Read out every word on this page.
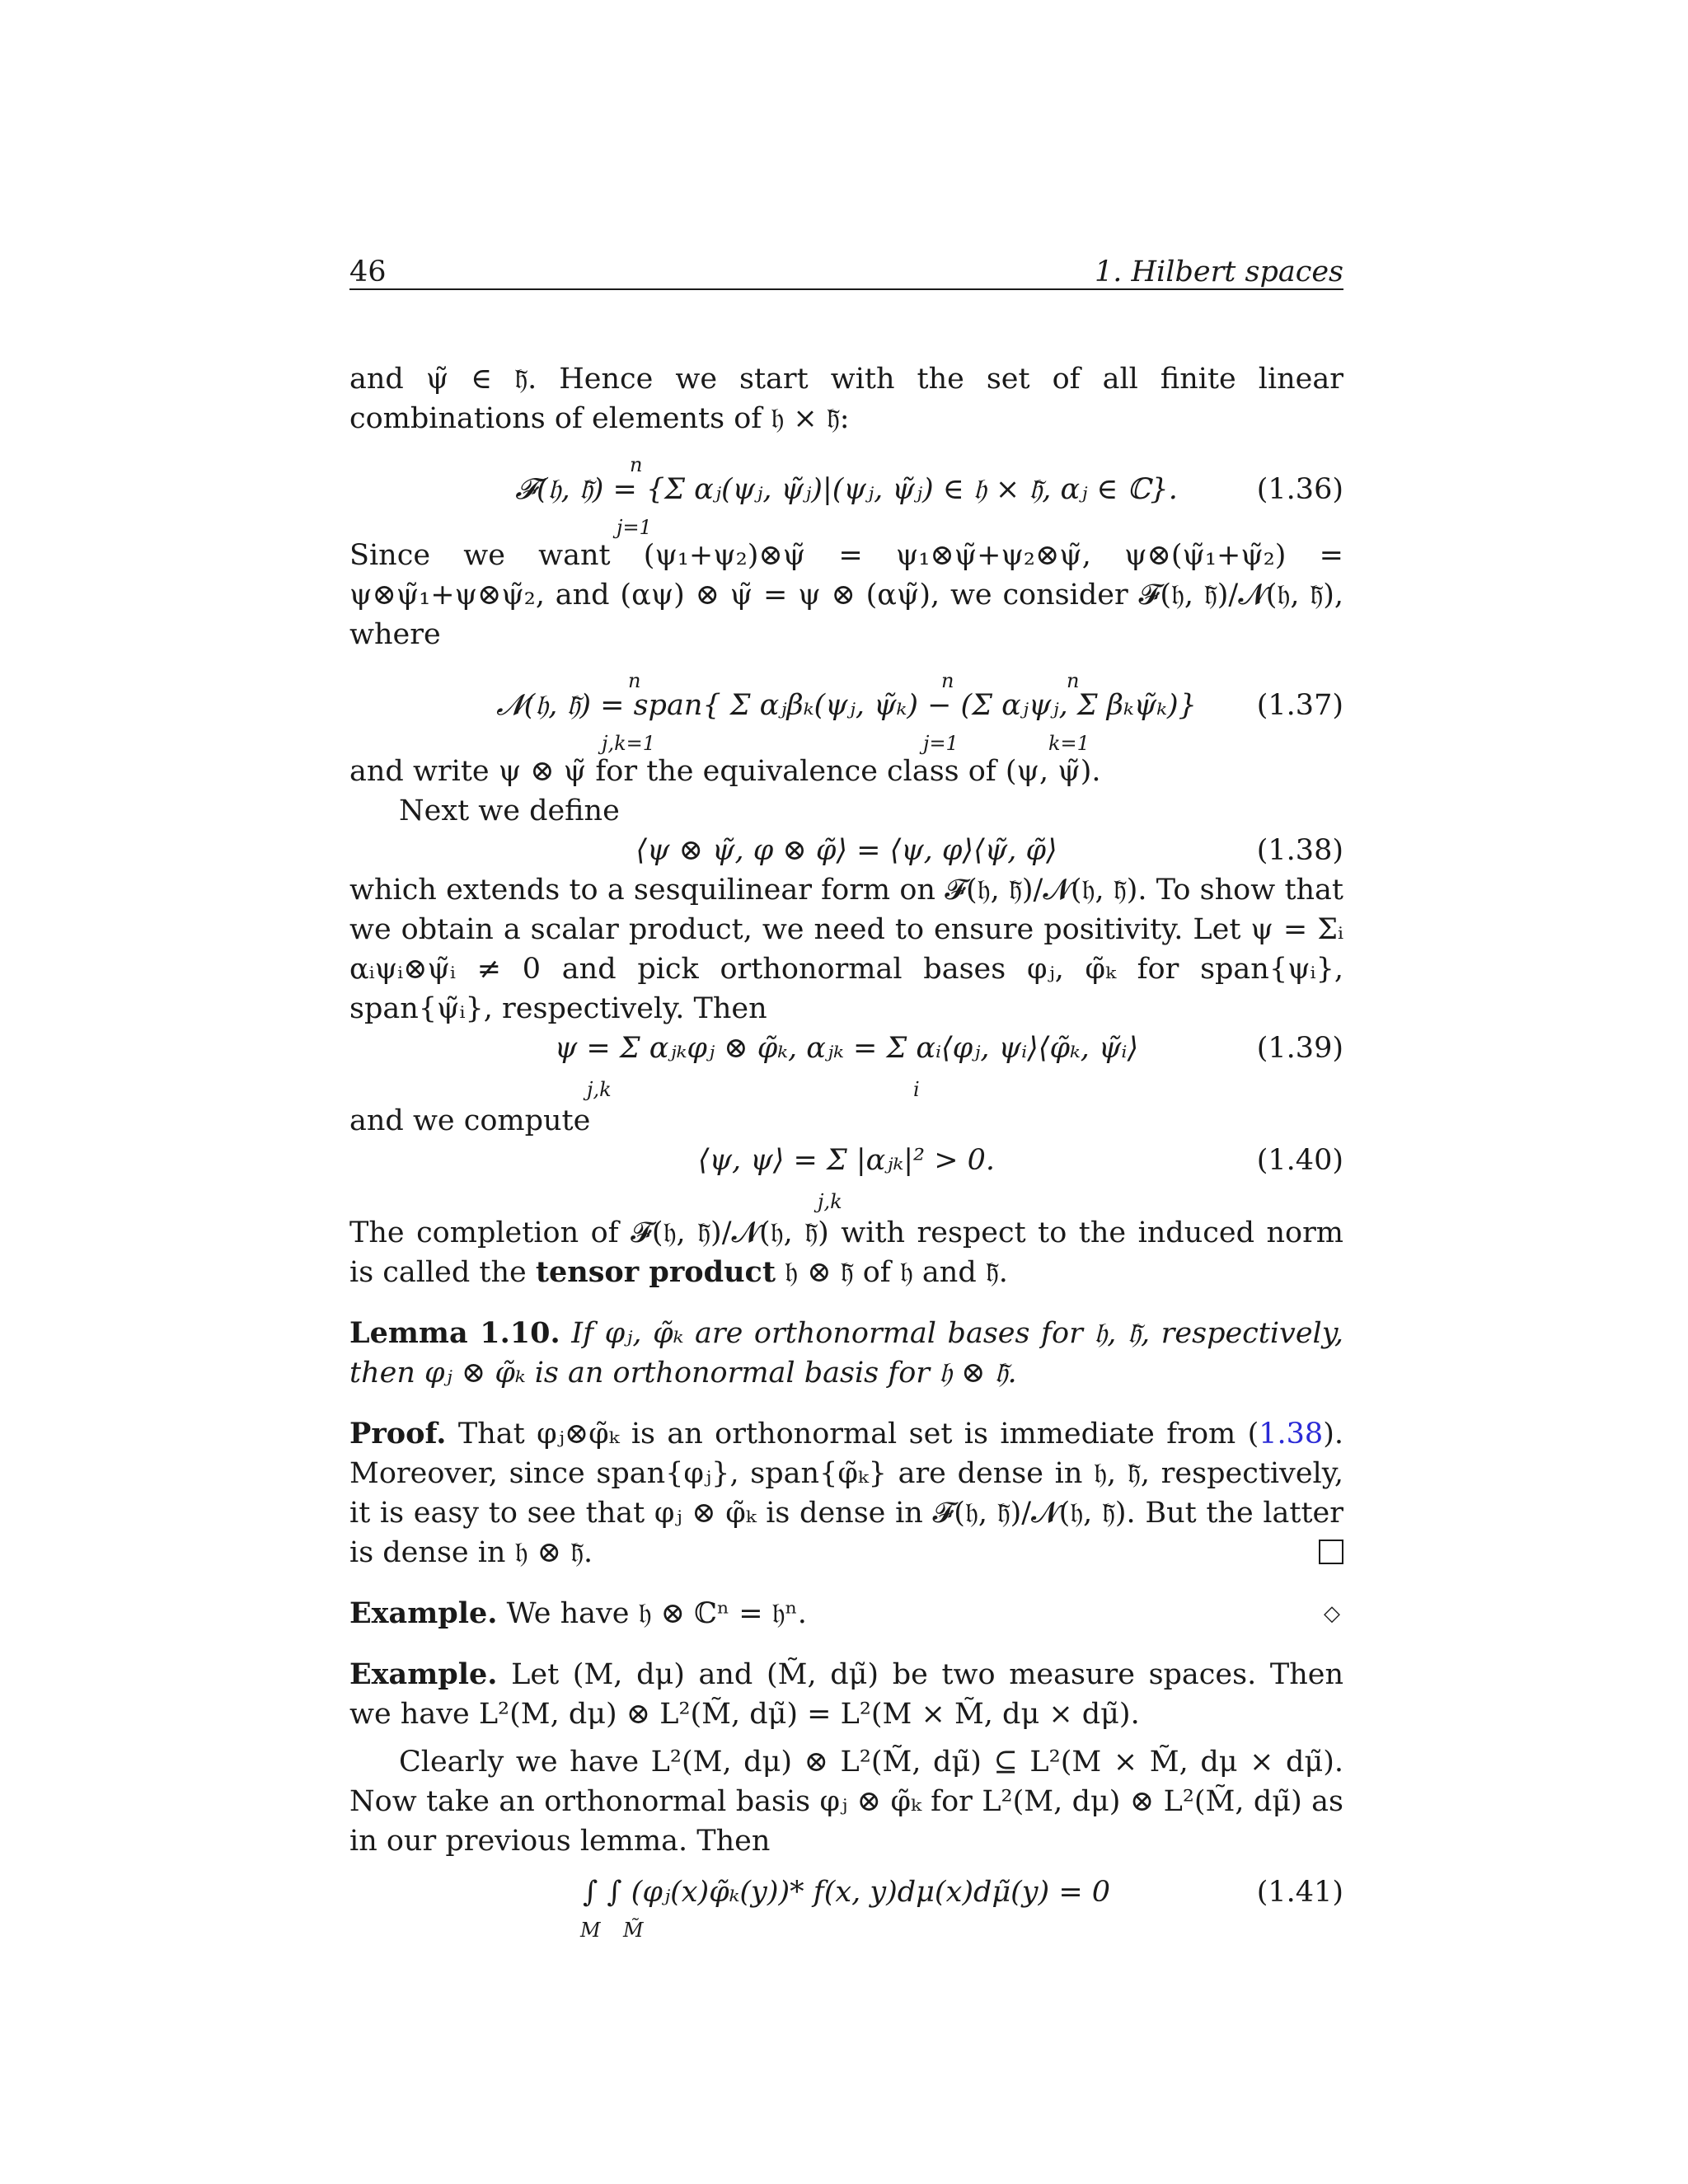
46	1. Hilbert spaces

and ψ̃ ∈ 𝔥̃. Hence we start with the set of all finite linear combinations of elements of 𝔥 × 𝔥̃:

n
𝓕(𝔥, 𝔥̃) = {Σ αⱼ(ψⱼ, ψ̃ⱼ)|(ψⱼ, ψ̃ⱼ) ∈ 𝔥 × 𝔥̃, αⱼ ∈ ℂ}.
j=1
(1.36)

Since we want (ψ₁+ψ₂)⊗ψ̃ = ψ₁⊗ψ̃+ψ₂⊗ψ̃, ψ⊗(ψ̃₁+ψ̃₂) = ψ⊗ψ̃₁+ψ⊗ψ̃₂, and (αψ) ⊗ ψ̃ = ψ ⊗ (αψ̃), we consider 𝓕(𝔥, 𝔥̃)/𝓝(𝔥, 𝔥̃), where

n	n	n
𝓝(𝔥, 𝔥̃) = span{ Σ αⱼβₖ(ψⱼ, ψ̃ₖ) − (Σ αⱼψⱼ, Σ βₖψ̃ₖ)}
j,k=1	j=1	k=1
(1.37)

and write ψ ⊗ ψ̃ for the equivalence class of (ψ, ψ̃).

Next we define

⟨ψ ⊗ ψ̃, φ ⊗ φ̃⟩ = ⟨ψ, φ⟩⟨ψ̃, φ̃⟩	(1.38)

which extends to a sesquilinear form on 𝓕(𝔥, 𝔥̃)/𝓝(𝔥, 𝔥̃). To show that we obtain a scalar product, we need to ensure positivity. Let ψ = Σᵢ αᵢψᵢ⊗ψ̃ᵢ ≠ 0 and pick orthonormal bases φⱼ, φ̃ₖ for span{ψᵢ}, span{ψ̃ᵢ}, respectively. Then

ψ = Σ αⱼₖφⱼ ⊗ φ̃ₖ, αⱼₖ = Σ αᵢ⟨φⱼ, ψᵢ⟩⟨φ̃ₖ, ψ̃ᵢ⟩
j,k	i
(1.39)

and we compute

⟨ψ, ψ⟩ = Σ |αⱼₖ|² > 0.
j,k
(1.40)

The completion of 𝓕(𝔥, 𝔥̃)/𝓝(𝔥, 𝔥̃) with respect to the induced norm is called the tensor product 𝔥 ⊗ 𝔥̃ of 𝔥 and 𝔥̃.

Lemma 1.10. If φⱼ, φ̃ₖ are orthonormal bases for 𝔥, 𝔥̃, respectively, then φⱼ ⊗ φ̃ₖ is an orthonormal basis for 𝔥 ⊗ 𝔥̃.

Proof. That φⱼ⊗φ̃ₖ is an orthonormal set is immediate from (1.38). Moreover, since span{φⱼ}, span{φ̃ₖ} are dense in 𝔥, 𝔥̃, respectively, it is easy to see that φⱼ ⊗ φ̃ₖ is dense in 𝓕(𝔥, 𝔥̃)/𝓝(𝔥, 𝔥̃). But the latter is dense in 𝔥 ⊗ 𝔥̃.

Example. We have 𝔥 ⊗ ℂⁿ = 𝔥ⁿ.	◇

Example. Let (M, dμ) and (M̃, dμ̃) be two measure spaces. Then we have L²(M, dμ) ⊗ L²(M̃, dμ̃) = L²(M × M̃, dμ × dμ̃).

Clearly we have L²(M, dμ) ⊗ L²(M̃, dμ̃) ⊆ L²(M × M̃, dμ × dμ̃). Now take an orthonormal basis φⱼ ⊗ φ̃ₖ for L²(M, dμ) ⊗ L²(M̃, dμ̃) as in our previous lemma. Then

∫ ∫ (φⱼ(x)φ̃ₖ(y))* f(x, y)dμ(x)dμ̃(y) = 0
M M̃
(1.41)
